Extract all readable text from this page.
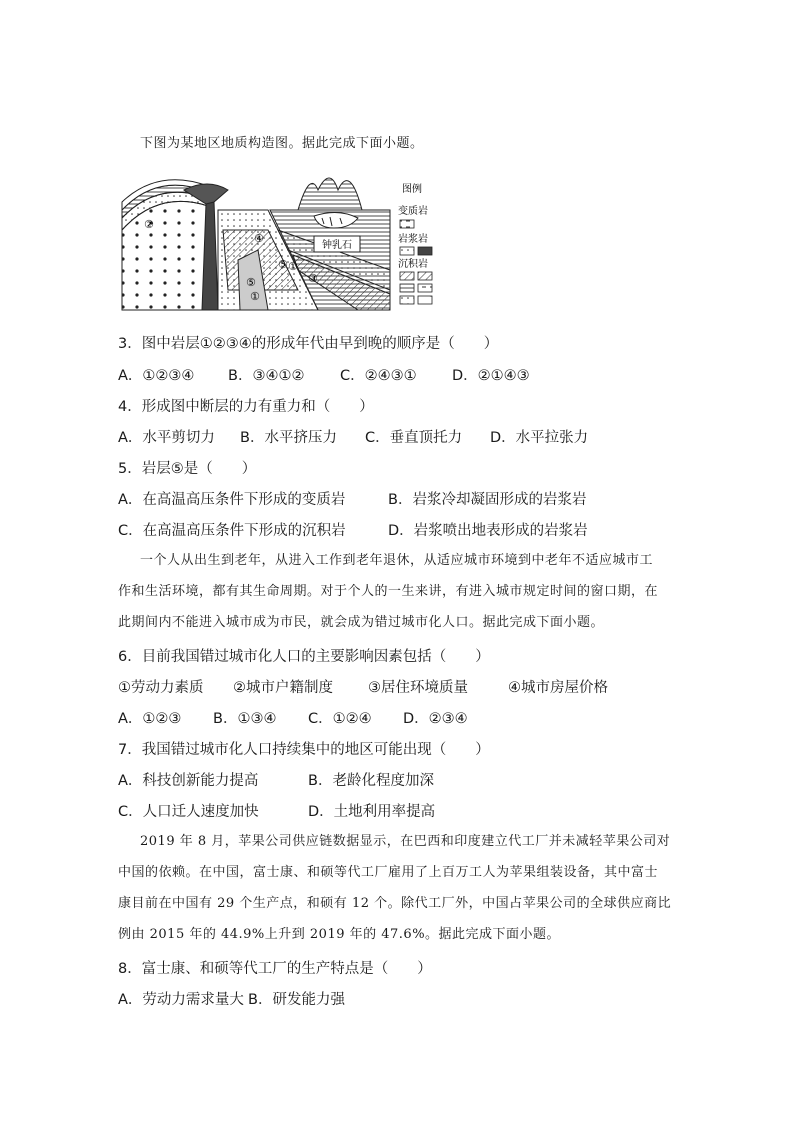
下图为某地区地质构造图。据此完成下面小题。
钟乳石
②
④
⑤
③
①
⑤
①
图例
变质岩
岩浆岩
沉积岩
3．图中岩层①②③④的形成年代由早到晚的顺序是（　　）
A．①②③④ B．③④①② C．②④③① D．②①④③
4．形成图中断层的力有重力和（　　）
A．水平剪切力 B．水平挤压力 C．垂直顶托力 D．水平拉张力
5．岩层⑤是（　　）
A．在高温高压条件下形成的变质岩	B．岩浆冷却凝固形成的岩浆岩
C．在高温高压条件下形成的沉积岩	D．岩浆喷出地表形成的岩浆岩
一个人从出生到老年，从进入工作到老年退休，从适应城市环境到中老年不适应城市工
作和生活环境，都有其生命周期。对于个人的一生来讲，有进入城市规定时间的窗口期，在
此期间内不能进入城市成为市民，就会成为错过城市化人口。据此完成下面小题。
6．目前我国错过城市化人口的主要影响因素包括（　　）
①劳动力素质 ②城市户籍制度 ③居住环境质量	④城市房屋价格
A．①②③ B．①③④ C．①②④ D．②③④
7．我国错过城市化人口持续集中的地区可能出现（　　）
A．科技创新能力提高	B．老龄化程度加深
C．人口迁人速度加快	D．土地利用率提高
2019 年 8 月，苹果公司供应链数据显示，在巴西和印度建立代工厂并未减轻苹果公司对
中国的依赖。在中国，富士康、和硕等代工厂雇用了上百万工人为苹果组装设备，其中富士
康目前在中国有 29 个生产点，和硕有 12 个。除代工厂外，中国占苹果公司的全球供应商比
例由 2015 年的 44.9%上升到 2019 年的 47.6%。据此完成下面小题。
8．富士康、和硕等代工厂的生产特点是（　　）
A．劳动力需求量大 B．研发能力强
